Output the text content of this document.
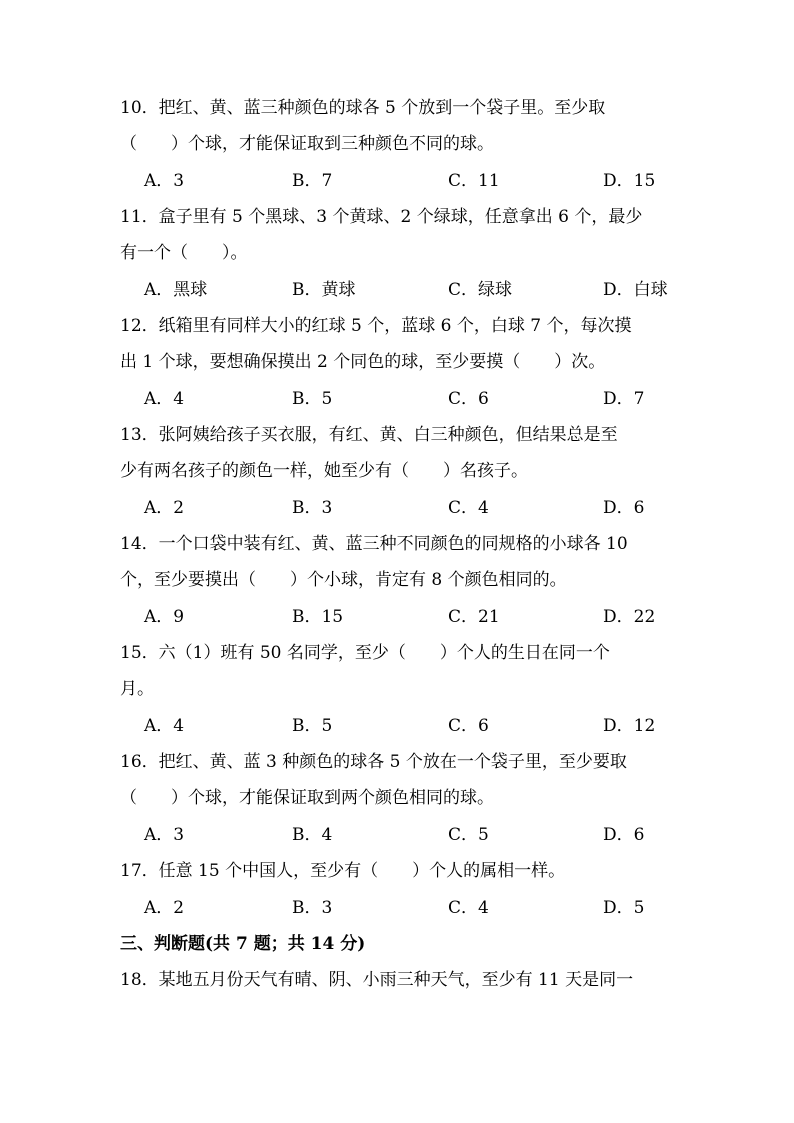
10．把红、黄、蓝三种颜色的球各 5 个放到一个袋子里。至少取
（　　）个球，才能保证取到三种颜色不同的球。
A．3	B．7	C．11	D．15
11．盒子里有 5 个黑球、3 个黄球、2 个绿球，任意拿出 6 个，最少
有一个（　　）。
A．黑球	B．黄球	C．绿球	D．白球
12．纸箱里有同样大小的红球 5 个，蓝球 6 个，白球 7 个，每次摸
出 1 个球，要想确保摸出 2 个同色的球，至少要摸（　　）次。
A．4	B．5	C．6	D．7
13．张阿姨给孩子买衣服，有红、黄、白三种颜色，但结果总是至
少有两名孩子的颜色一样，她至少有（　　）名孩子。
A．2	B．3	C．4	D．6
14．一个口袋中装有红、黄、蓝三种不同颜色的同规格的小球各 10
个，至少要摸出（　　）个小球，肯定有 8 个颜色相同的。
A．9	B．15	C．21	D．22
15．六（1）班有 50 名同学，至少（　　）个人的生日在同一个
月。
A．4	B．5	C．6	D．12
16．把红、黄、蓝 3 种颜色的球各 5 个放在一个袋子里，至少要取
（　　）个球，才能保证取到两个颜色相同的球。
A．3	B．4	C．5	D．6
17．任意 15 个中国人，至少有（　　）个人的属相一样。
A．2	B．3	C．4	D．5
三、判断题(共 7 题；共 14 分)
18．某地五月份天气有晴、阴、小雨三种天气，至少有 11 天是同一
